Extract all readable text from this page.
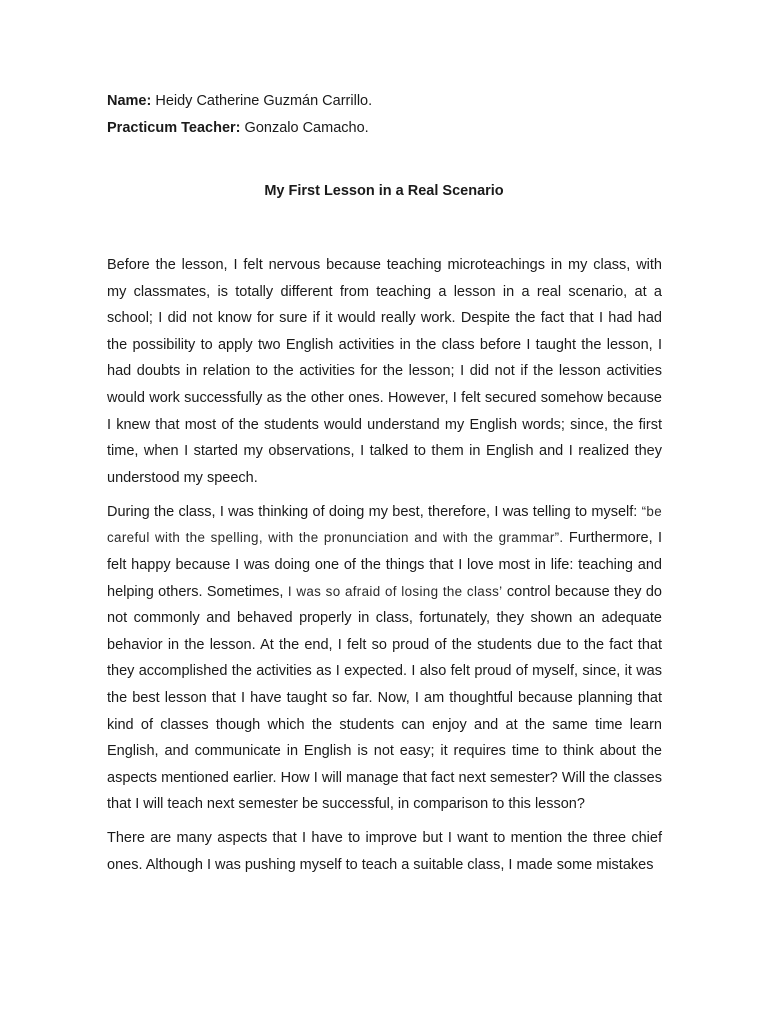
Name: Heidy Catherine Guzmán Carrillo.
Practicum Teacher: Gonzalo Camacho.
My First Lesson in a Real Scenario

Before the lesson, I felt nervous because teaching microteachings in my class, with my classmates, is totally different from teaching a lesson in a real scenario, at a school; I did not know for sure if it would really work. Despite the fact that I had had the possibility to apply two English activities in the class before I taught the lesson, I had doubts in relation to the activities for the lesson; I did not if the lesson activities would work successfully as the other ones. However, I felt secured somehow because I knew that most of the students would understand my English words; since, the first time, when I started my observations, I talked to them in English and I realized they understood my speech.

During the class, I was thinking of doing my best, therefore, I was telling to myself: “be careful with the spelling, with the pronunciation and with the grammar”. Furthermore, I felt happy because I was doing one of the things that I love most in life: teaching and helping others. Sometimes, I was so afraid of losing the class’ control because they do not commonly and behaved properly in class, fortunately, they shown an adequate behavior in the lesson. At the end, I felt so proud of the students due to the fact that they accomplished the activities as I expected. I also felt proud of myself, since, it was the best lesson that I have taught so far. Now, I am thoughtful because planning that kind of classes though which the students can enjoy and at the same time learn English, and communicate in English is not easy; it requires time to think about the aspects mentioned earlier. How I will manage that fact next semester? Will the classes that I will teach next semester be successful, in comparison to this lesson?

There are many aspects that I have to improve but I want to mention the three chief ones. Although I was pushing myself to teach a suitable class, I made some mistakes
